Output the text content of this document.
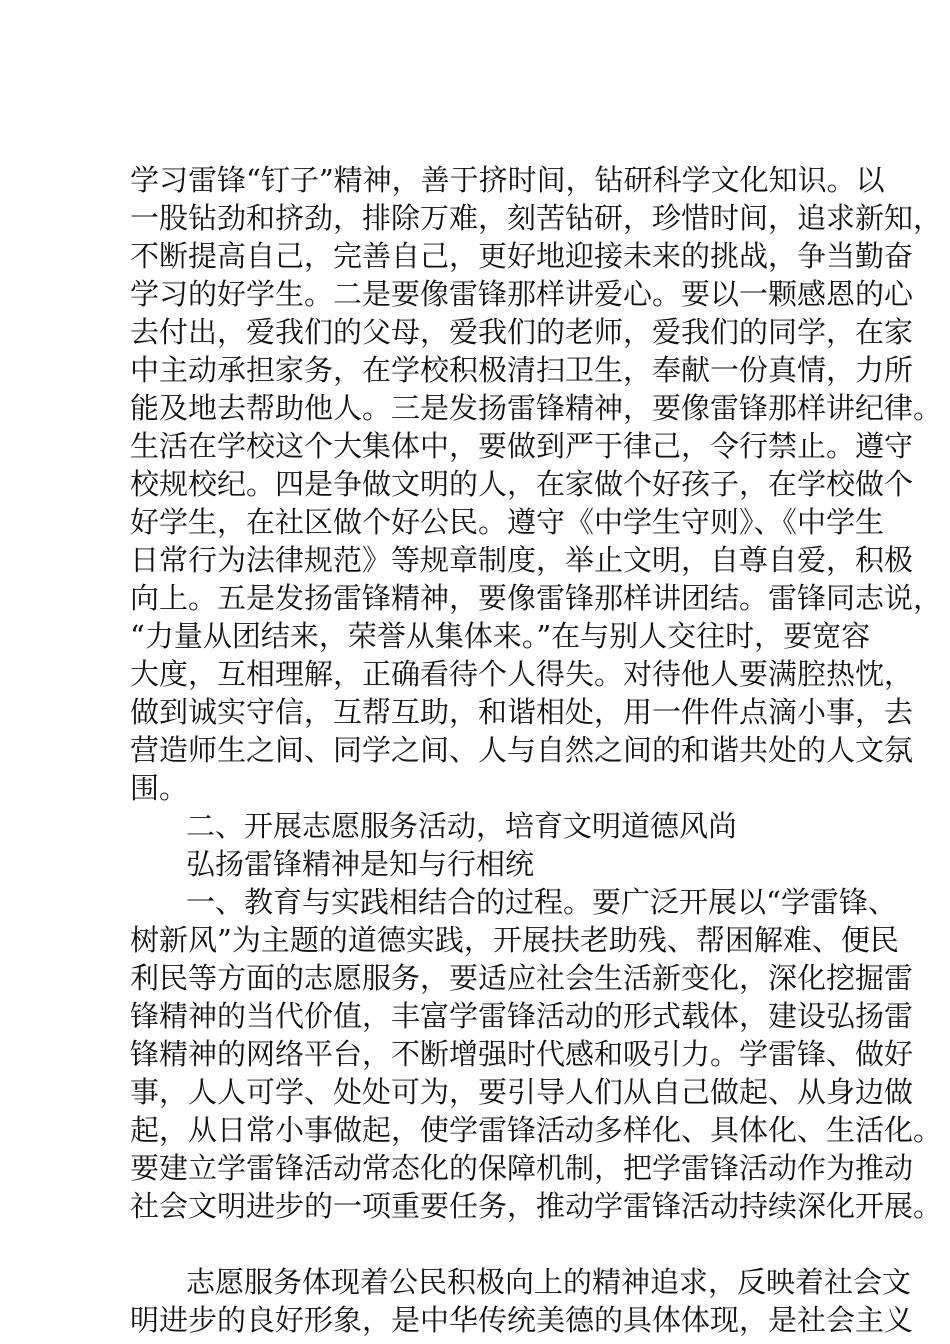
学习雷锋“钉子”精神，善于挤时间，钻研科学文化知识。以
一股钻劲和挤劲，排除万难，刻苦钻研，珍惜时间，追求新知，
不断提高自己，完善自己，更好地迎接未来的挑战，争当勤奋
学习的好学生。二是要像雷锋那样讲爱心。要以一颗感恩的心
去付出，爱我们的父母，爱我们的老师，爱我们的同学，在家
中主动承担家务，在学校积极清扫卫生，奉献一份真情，力所
能及地去帮助他人。三是发扬雷锋精神，要像雷锋那样讲纪律。
生活在学校这个大集体中，要做到严于律己，令行禁止。遵守
校规校纪。四是争做文明的人，在家做个好孩子，在学校做个
好学生，在社区做个好公民。遵守《中学生守则》、《中学生
日常行为法律规范》等规章制度，举止文明，自尊自爱，积极
向上。五是发扬雷锋精神，要像雷锋那样讲团结。雷锋同志说，
“力量从团结来，荣誉从集体来。”在与别人交往时，要宽容
大度，互相理解，正确看待个人得失。对待他人要满腔热忱，
做到诚实守信，互帮互助，和谐相处，用一件件点滴小事，去
营造师生之间、同学之间、人与自然之间的和谐共处的人文氛
围。
二、开展志愿服务活动，培育文明道德风尚
弘扬雷锋精神是知与行相统
一、教育与实践相结合的过程。要广泛开展以“学雷锋、
树新风”为主题的道德实践，开展扶老助残、帮困解难、便民
利民等方面的志愿服务，要适应社会生活新变化，深化挖掘雷
锋精神的当代价值，丰富学雷锋活动的形式载体，建设弘扬雷
锋精神的网络平台，不断增强时代感和吸引力。学雷锋、做好
事，人人可学、处处可为，要引导人们从自己做起、从身边做
起，从日常小事做起，使学雷锋活动多样化、具体化、生活化。
要建立学雷锋活动常态化的保障机制，把学雷锋活动作为推动
社会文明进步的一项重要任务，推动学雷锋活动持续深化开展。
志愿服务体现着公民积极向上的精神追求，反映着社会文
明进步的良好形象，是中华传统美德的具体体现，是社会主义
